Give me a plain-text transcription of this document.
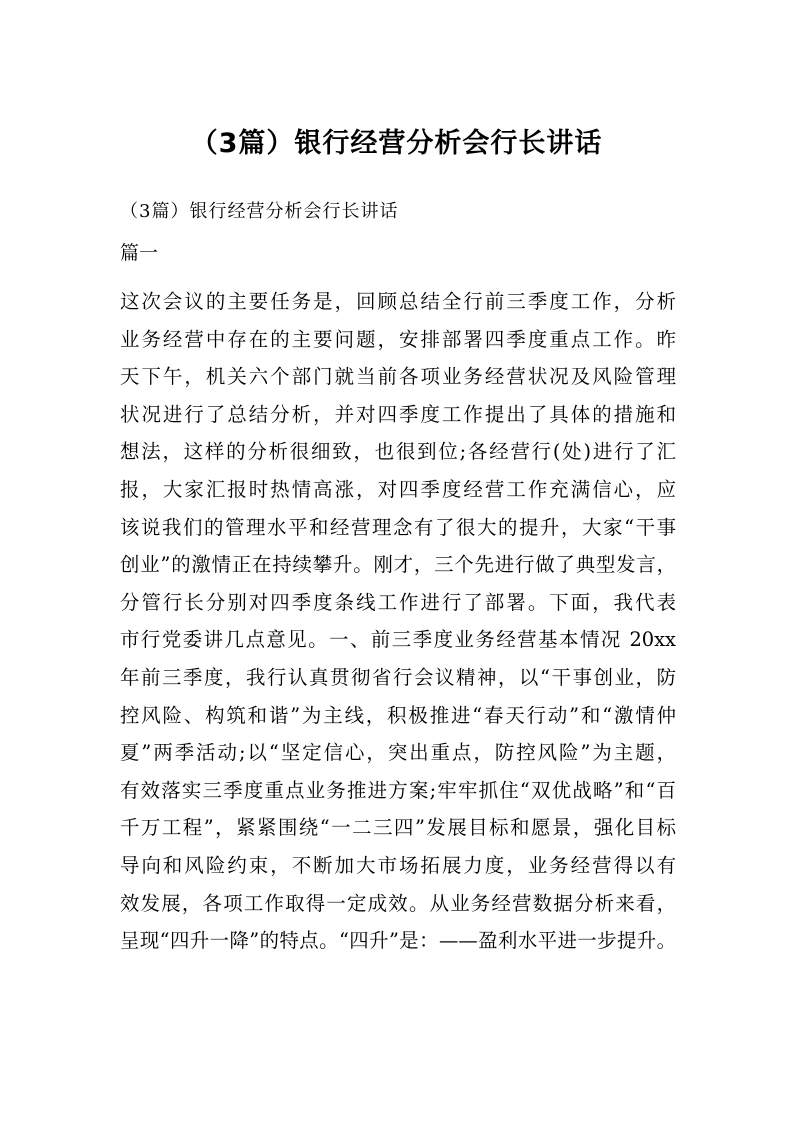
（3篇）银行经营分析会行长讲话

（3篇）银行经营分析会行长讲话

篇一

这次会议的主要任务是，回顾总结全行前三季度工作，分析
业务经营中存在的主要问题，安排部署四季度重点工作。昨
天下午，机关六个部门就当前各项业务经营状况及风险管理
状况进行了总结分析，并对四季度工作提出了具体的措施和
想法，这样的分析很细致，也很到位;各经营行(处)进行了汇
报，大家汇报时热情高涨，对四季度经营工作充满信心，应
该说我们的管理水平和经营理念有了很大的提升，大家“干事
创业”的激情正在持续攀升。刚才，三个先进行做了典型发言，
分管行长分别对四季度条线工作进行了部署。下面，我代表
市行党委讲几点意见。一、前三季度业务经营基本情况 20xx
年前三季度，我行认真贯彻省行会议精神，以“干事创业，防
控风险、构筑和谐”为主线，积极推进“春天行动”和“激情仲
夏”两季活动;以“坚定信心，突出重点，防控风险”为主题，
有效落实三季度重点业务推进方案;牢牢抓住“双优战略”和“百
千万工程”，紧紧围绕“一二三四”发展目标和愿景，强化目标
导向和风险约束，不断加大市场拓展力度，业务经营得以有
效发展，各项工作取得一定成效。从业务经营数据分析来看，
呈现“四升一降”的特点。“四升”是：——盈利水平进一步提升。
